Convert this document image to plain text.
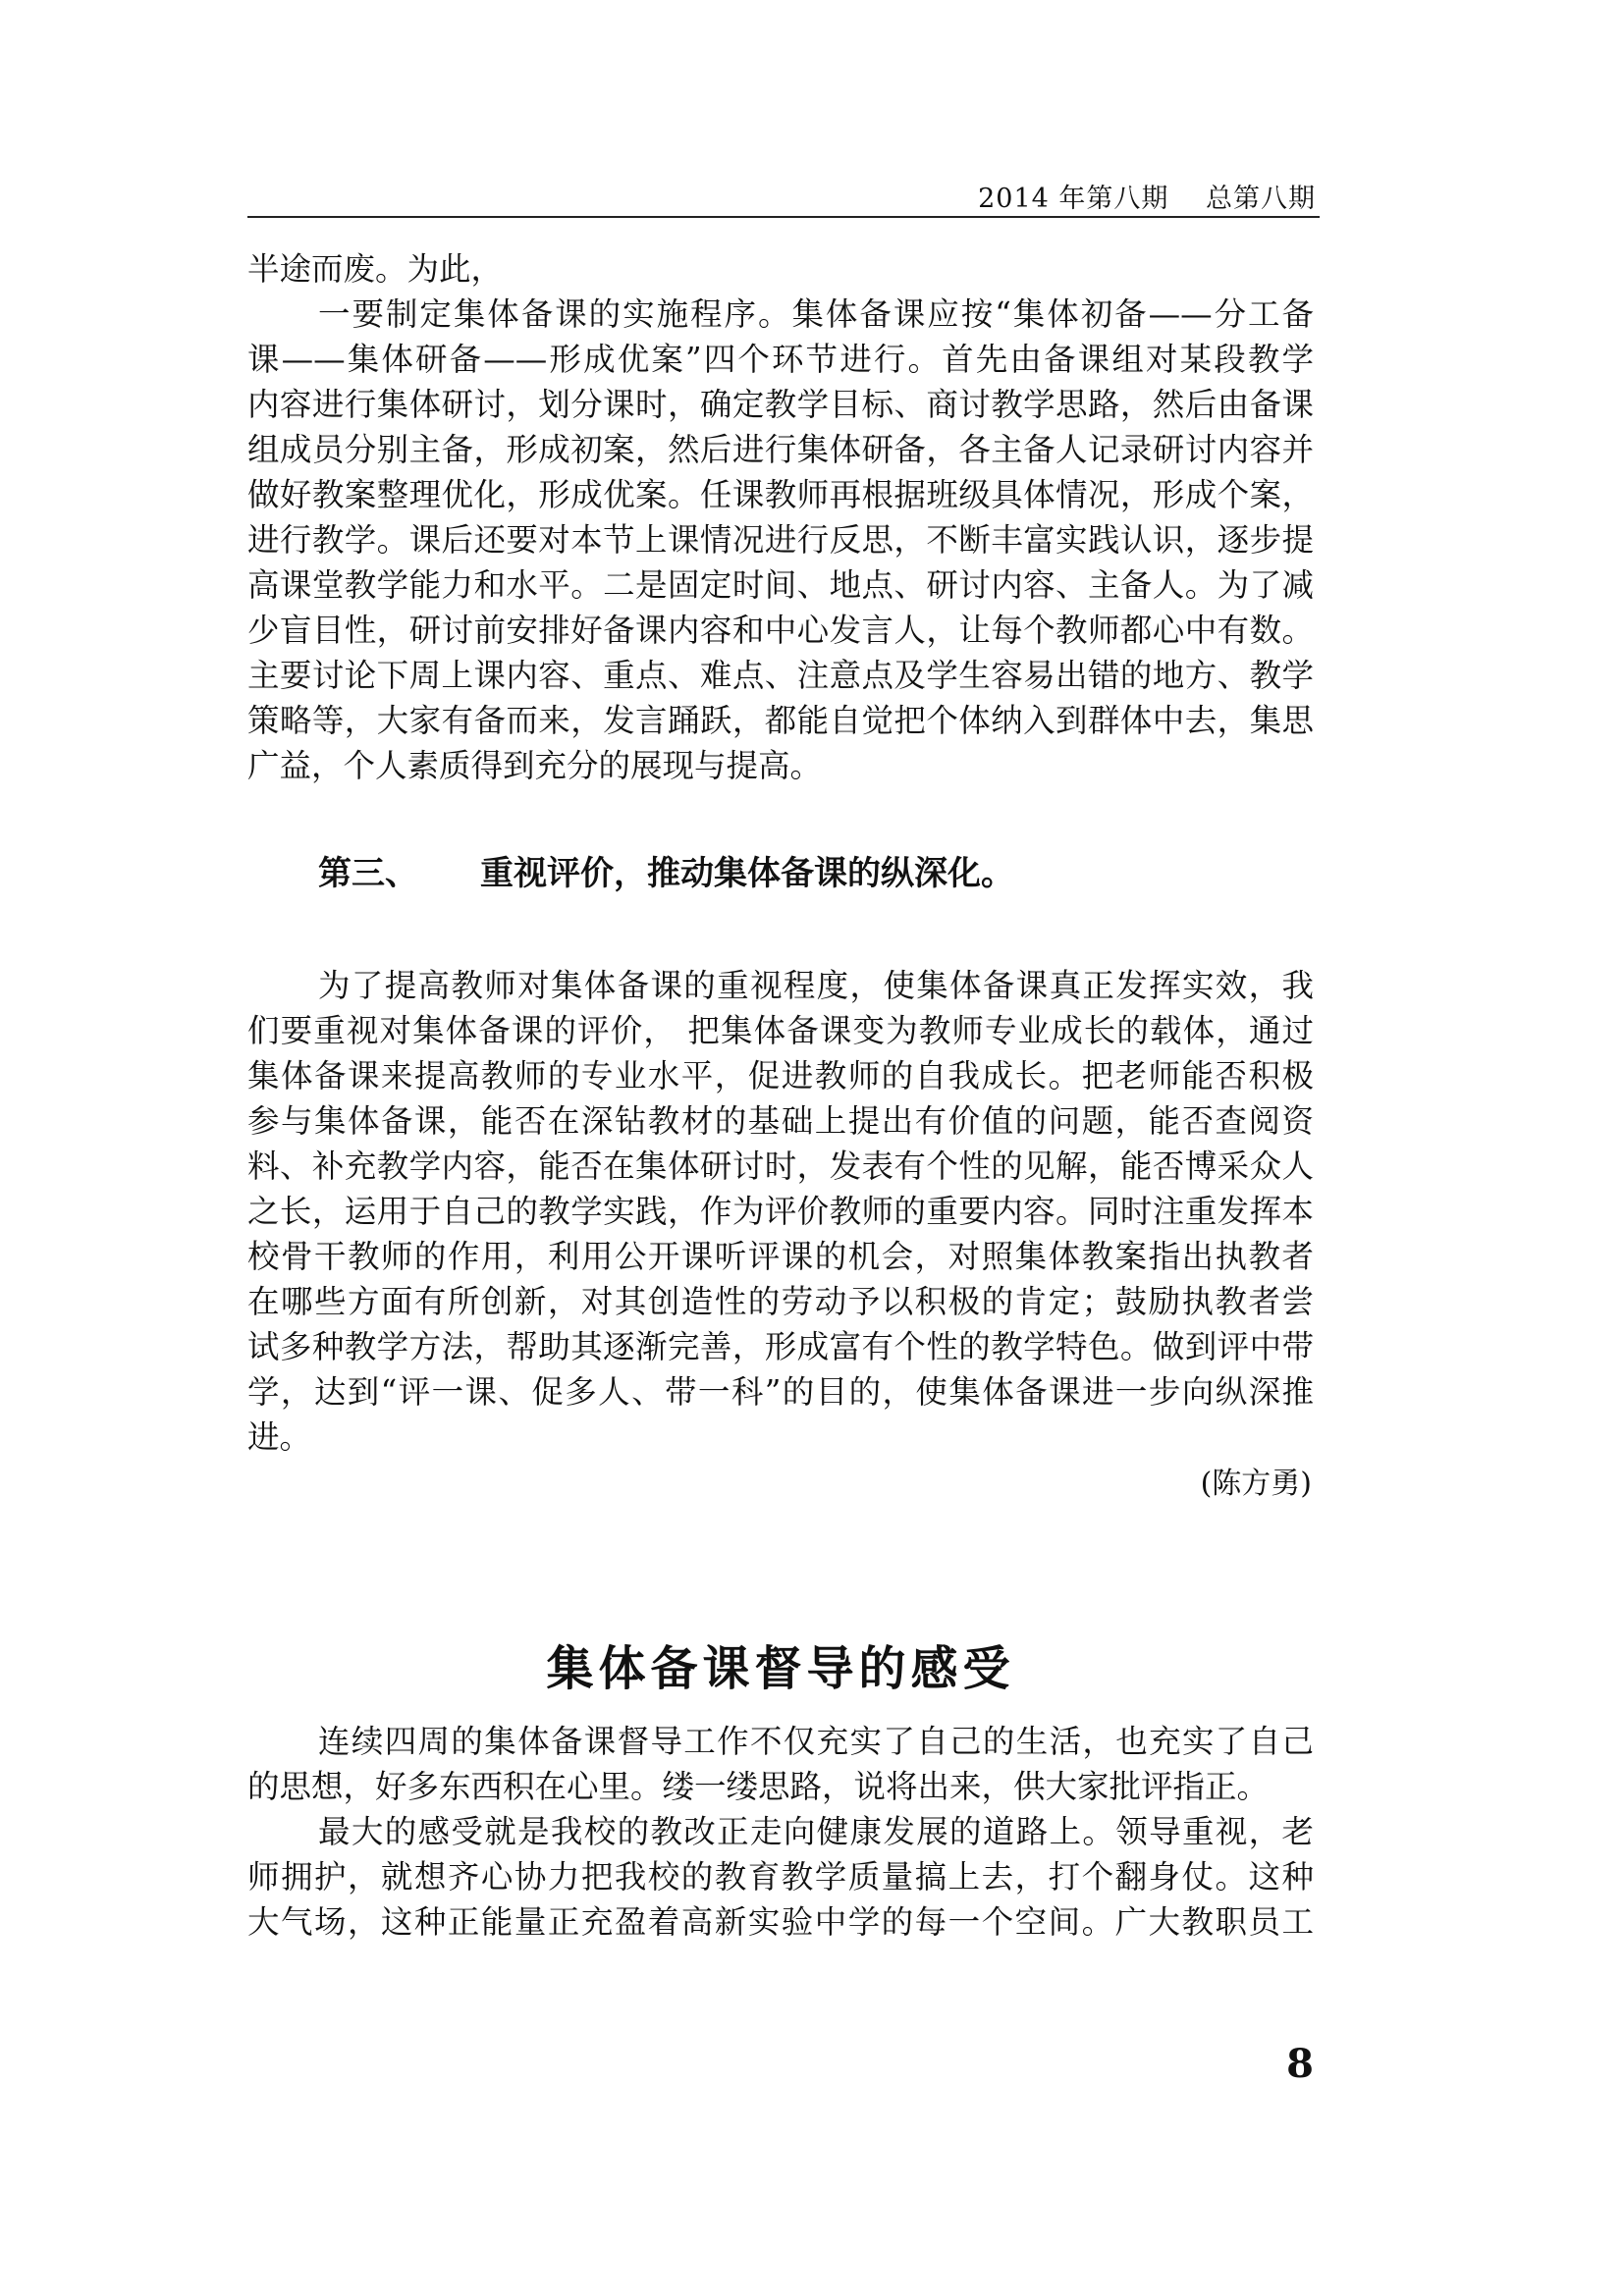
2014 年第八期　 总第八期
半途而废。为此，
一要制定集体备课的实施程序。集体备课应按“集体初备——分工备
课——集体研备——形成优案”四个环节进行。首先由备课组对某段教学
内容进行集体研讨，划分课时，确定教学目标、商讨教学思路，然后由备课
组成员分别主备，形成初案，然后进行集体研备，各主备人记录研讨内容并
做好教案整理优化，形成优案。任课教师再根据班级具体情况，形成个案，
进行教学。课后还要对本节上课情况进行反思，不断丰富实践认识，逐步提
高课堂教学能力和水平。二是固定时间、地点、研讨内容、主备人。为了减
少盲目性，研讨前安排好备课内容和中心发言人，让每个教师都心中有数。
主要讨论下周上课内容、重点、难点、注意点及学生容易出错的地方、教学
策略等，大家有备而来，发言踊跃，都能自觉把个体纳入到群体中去，集思
广益，个人素质得到充分的展现与提高。
第三、 重视评价，推动集体备课的纵深化。
为了提高教师对集体备课的重视程度，使集体备课真正发挥实效，我
们要重视对集体备课的评价， 把集体备课变为教师专业成长的载体，通过
集体备课来提高教师的专业水平，促进教师的自我成长。把老师能否积极
参与集体备课，能否在深钻教材的基础上提出有价值的问题，能否查阅资
料、补充教学内容，能否在集体研讨时，发表有个性的见解，能否博采众人
之长，运用于自己的教学实践，作为评价教师的重要内容。同时注重发挥本
校骨干教师的作用，利用公开课听评课的机会，对照集体教案指出执教者
在哪些方面有所创新，对其创造性的劳动予以积极的肯定；鼓励执教者尝
试多种教学方法，帮助其逐渐完善，形成富有个性的教学特色。做到评中带
学，达到“评一课、促多人、带一科”的目的，使集体备课进一步向纵深推
进。
(陈方勇)
集体备课督导的感受
连续四周的集体备课督导工作不仅充实了自己的生活，也充实了自己
的思想，好多东西积在心里。缕一缕思路，说将出来，供大家批评指正。
最大的感受就是我校的教改正走向健康发展的道路上。领导重视，老
师拥护，就想齐心协力把我校的教育教学质量搞上去，打个翻身仗。这种
大气场，这种正能量正充盈着高新实验中学的每一个空间。广大教职员工
8
